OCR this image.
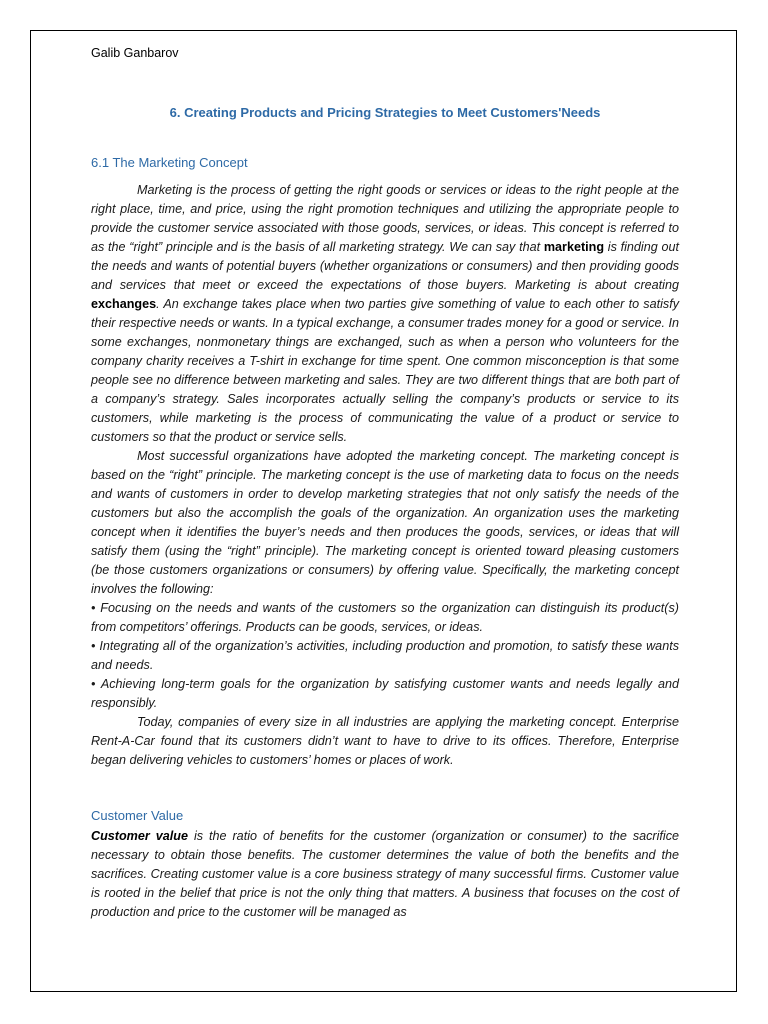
Galib Ganbarov
6. Creating Products and Pricing Strategies to Meet Customers'Needs
6.1 The Marketing Concept

Marketing is the process of getting the right goods or services or ideas to the right people at the right place, time, and price, using the right promotion techniques and utilizing the appropriate people to provide the customer service associated with those goods, services, or ideas. This concept is referred to as the “right” principle and is the basis of all marketing strategy. We can say that marketing is finding out the needs and wants of potential buyers (whether organizations or consumers) and then providing goods and services that meet or exceed the expectations of those buyers. Marketing is about creating exchanges. An exchange takes place when two parties give something of value to each other to satisfy their respective needs or wants. In a typical exchange, a consumer trades money for a good or service. In some exchanges, nonmonetary things are exchanged, such as when a person who volunteers for the company charity receives a T-shirt in exchange for time spent. One common misconception is that some people see no difference between marketing and sales. They are two different things that are both part of a company’s strategy. Sales incorporates actually selling the company’s products or service to its customers, while marketing is the process of communicating the value of a product or service to customers so that the product or service sells.

Most successful organizations have adopted the marketing concept. The marketing concept is based on the “right” principle. The marketing concept is the use of marketing data to focus on the needs and wants of customers in order to develop marketing strategies that not only satisfy the needs of the customers but also the accomplish the goals of the organization. An organization uses the marketing concept when it identifies the buyer’s needs and then produces the goods, services, or ideas that will satisfy them (using the “right” principle). The marketing concept is oriented toward pleasing customers (be those customers organizations or consumers) by offering value. Specifically, the marketing concept involves the following:

• Focusing on the needs and wants of the customers so the organization can distinguish its product(s) from competitors’ offerings. Products can be goods, services, or ideas.

• Integrating all of the organization’s activities, including production and promotion, to satisfy these wants and needs.

• Achieving long-term goals for the organization by satisfying customer wants and needs legally and responsibly.

Today, companies of every size in all industries are applying the marketing concept. Enterprise Rent-A-Car found that its customers didn’t want to have to drive to its offices. Therefore, Enterprise began delivering vehicles to customers’ homes or places of work.

Customer Value

Customer value is the ratio of benefits for the customer (organization or consumer) to the sacrifice necessary to obtain those benefits. The customer determines the value of both the benefits and the sacrifices. Creating customer value is a core business strategy of many successful firms. Customer value is rooted in the belief that price is not the only thing that matters. A business that focuses on the cost of production and price to the customer will be managed as
